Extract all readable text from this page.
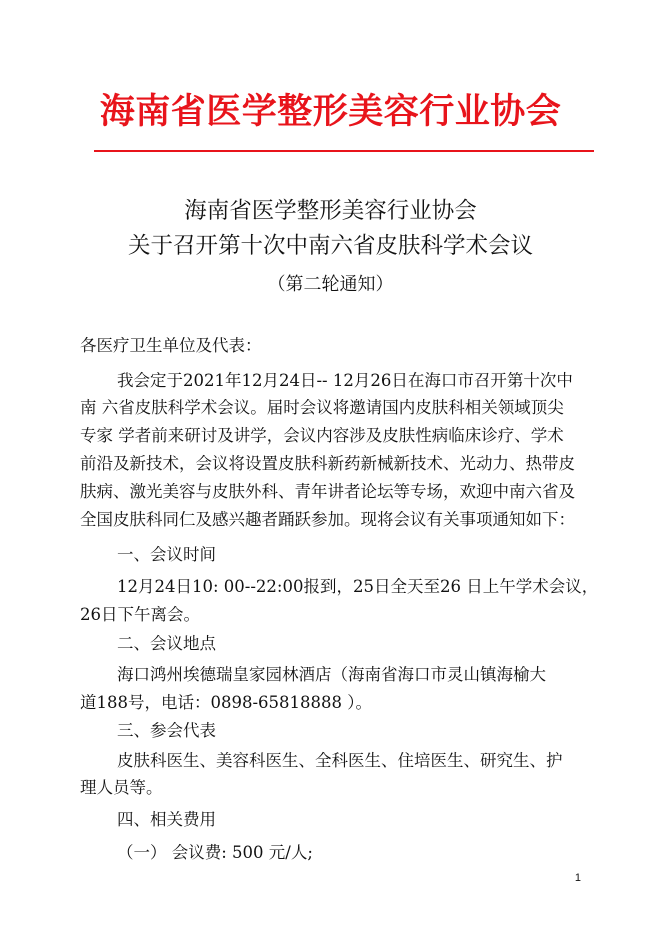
海南省医学整形美容行业协会
海南省医学整形美容行业协会
关于召开第十次中南六省皮肤科学术会议
（第二轮通知）
各医疗卫生单位及代表：
我会定于2021年12月24日-- 12月26日在海口市召开第十次中
南 六省皮肤科学术会议。届时会议将邀请国内皮肤科相关领域顶尖
专家 学者前来研讨及讲学，会议内容涉及皮肤性病临床诊疗、学术
前沿及新技术，会议将设置皮肤科新药新械新技术、光动力、热带皮
肤病、激光美容与皮肤外科、青年讲者论坛等专场，欢迎中南六省及
全国皮肤科同仁及感兴趣者踊跃参加。现将会议有关事项通知如下：
一、会议时间
12月24日10: 00--22:00报到，25日全天至26 日上午学术会议，
26日下午离会。
二、会议地点
海口鸿州埃德瑞皇家园林酒店（海南省海口市灵山镇海榆大
道188号，电话：0898-65818888 ）。
三、参会代表
皮肤科医生、美容科医生、全科医生、住培医生、研究生、护
理人员等。
四、相关费用
（一） 会议费: 500 元/人;
1
